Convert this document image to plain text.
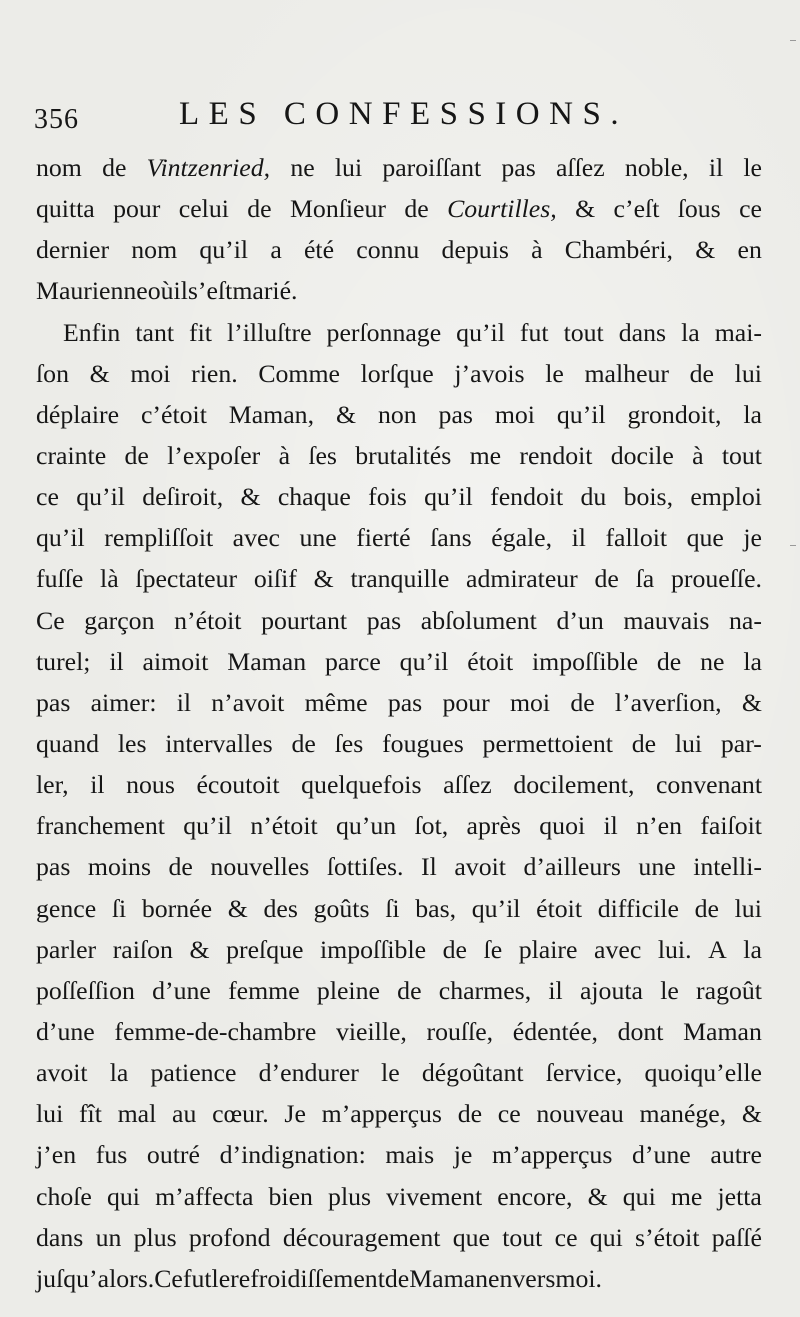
356	LES CONFESSIONS.
nom de Vintzenried, ne lui paroiſſant pas aſſez noble, il le
quitta pour celui de Monſieur de Courtilles, & c’eſt ſous ce
dernier nom qu’il a été connu depuis à Chambéri, & en
Maurienne où il s’eſt marié.
Enfin tant fit l’illuſtre perſonnage qu’il fut tout dans la mai-
ſon & moi rien. Comme lorſque j’avois le malheur de lui
déplaire c’étoit Maman, & non pas moi qu’il grondoit, la
crainte de l’expoſer à ſes brutalités me rendoit docile à tout
ce qu’il deſiroit, & chaque fois qu’il fendoit du bois, emploi
qu’il rempliſſoit avec une fierté ſans égale, il falloit que je
fuſſe là ſpectateur oiſif & tranquille admirateur de ſa proueſſe.
Ce garçon n’étoit pourtant pas abſolument d’un mauvais na-
turel; il aimoit Maman parce qu’il étoit impoſſible de ne la
pas aimer: il n’avoit même pas pour moi de l’averſion, &
quand les intervalles de ſes fougues permettoient de lui par-
ler, il nous écoutoit quelquefois aſſez docilement, convenant
franchement qu’il n’étoit qu’un ſot, après quoi il n’en faiſoit
pas moins de nouvelles ſottiſes. Il avoit d’ailleurs une intelli-
gence ſi bornée & des goûts ſi bas, qu’il étoit difficile de lui
parler raiſon & preſque impoſſible de ſe plaire avec lui. A la
poſſeſſion d’une femme pleine de charmes, il ajouta le ragoût
d’une femme-de-chambre vieille, rouſſe, édentée, dont Maman
avoit la patience d’endurer le dégoûtant ſervice, quoiqu’elle
lui fît mal au cœur. Je m’apperçus de ce nouveau manége, &
j’en fus outré d’indignation: mais je m’apperçus d’une autre
choſe qui m’affecta bien plus vivement encore, & qui me jetta
dans un plus profond découragement que tout ce qui s’étoit paſſé
juſqu’alors. Ce fut le refroidiſſement de Maman envers moi.
